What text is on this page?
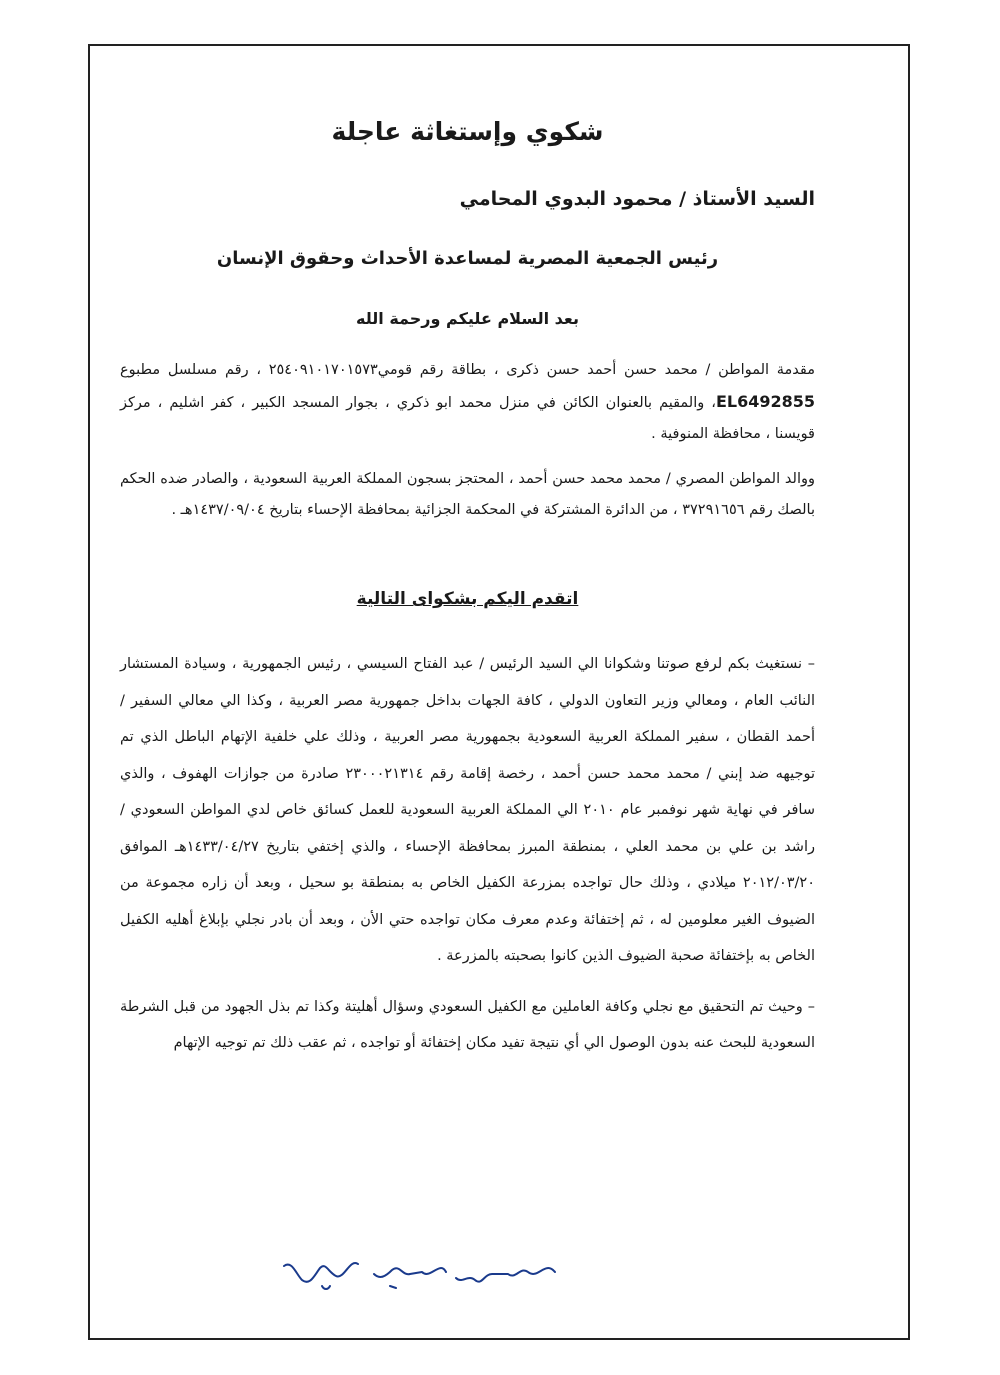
شكوي وإستغاثة عاجلة
السيد الأستاذ / محمود البدوي المحامي
رئيس الجمعية المصرية لمساعدة الأحداث وحقوق الإنسان
بعد السلام عليكم ورحمة الله
مقدمة المواطن / محمد حسن أحمد حسن ذكرى ، بطاقة رقم قومي٢٥٤٠٩١٠١٧٠١٥٧٣ ، رقم مسلسل مطبوع EL6492855، والمقيم بالعنوان الكائن في منزل محمد ابو ذكري ، بجوار المسجد الكبير ، كفر اشليم ، مركز قويسنا ، محافظة المنوفية .
ووالد المواطن المصري / محمد محمد حسن أحمد ، المحتجز بسجون المملكة العربية السعودية ، والصادر ضده الحكم بالصك رقم ٣٧٢٩١٦٥٦ ، من الدائرة المشتركة في المحكمة الجزائية بمحافظة الإحساء بتاريخ ١٤٣٧/٠٩/٠٤هـ .
اتقدم اليكم بشكواى التالية
– نستغيث بكم لرفع صوتنا وشكوانا الي السيد الرئيس / عبد الفتاح السيسي ، رئيس الجمهورية ، وسيادة المستشار النائب العام ، ومعالي وزير التعاون الدولي ، كافة الجهات بداخل جمهورية مصر العربية ، وكذا الي معالي السفير / أحمد القطان ، سفير المملكة العربية السعودية بجمهورية مصر العربية ، وذلك علي خلفية الإتهام الباطل الذي تم توجيهه ضد إبني / محمد محمد حسن أحمد ، رخصة إقامة رقم ٢٣٠٠٠٢١٣١٤ صادرة من جوازات الهفوف ، والذي سافر في نهاية شهر نوفمبر عام ٢٠١٠ الي المملكة العربية السعودية للعمل كسائق خاص لدي المواطن السعودي / راشد بن علي بن محمد العلي ، بمنطقة المبرز بمحافظة الإحساء ، والذي إختفي بتاريخ ١٤٣٣/٠٤/٢٧هـ الموافق ٢٠١٢/٠٣/٢٠ ميلادي ، وذلك حال تواجده بمزرعة الكفيل الخاص به بمنطقة بو سحيل ، وبعد أن زاره مجموعة من الضيوف الغير معلومين له ، ثم إختفائة وعدم معرف مكان تواجده حتي الأن ، وبعد أن بادر نجلي بإبلاغ أهليه الكفيل الخاص به بإختفائة صحبة الضيوف الذين كانوا بصحبته بالمزرعة .
– وحيث تم التحقيق مع نجلي وكافة العاملين مع الكفيل السعودي وسؤال أهليتة وكذا تم بذل الجهود من قبل الشرطة السعودية للبحث عنه بدون الوصول الي أي نتيجة تفيد مكان إختفائة أو تواجده ، ثم عقب ذلك تم توجيه الإتهام
